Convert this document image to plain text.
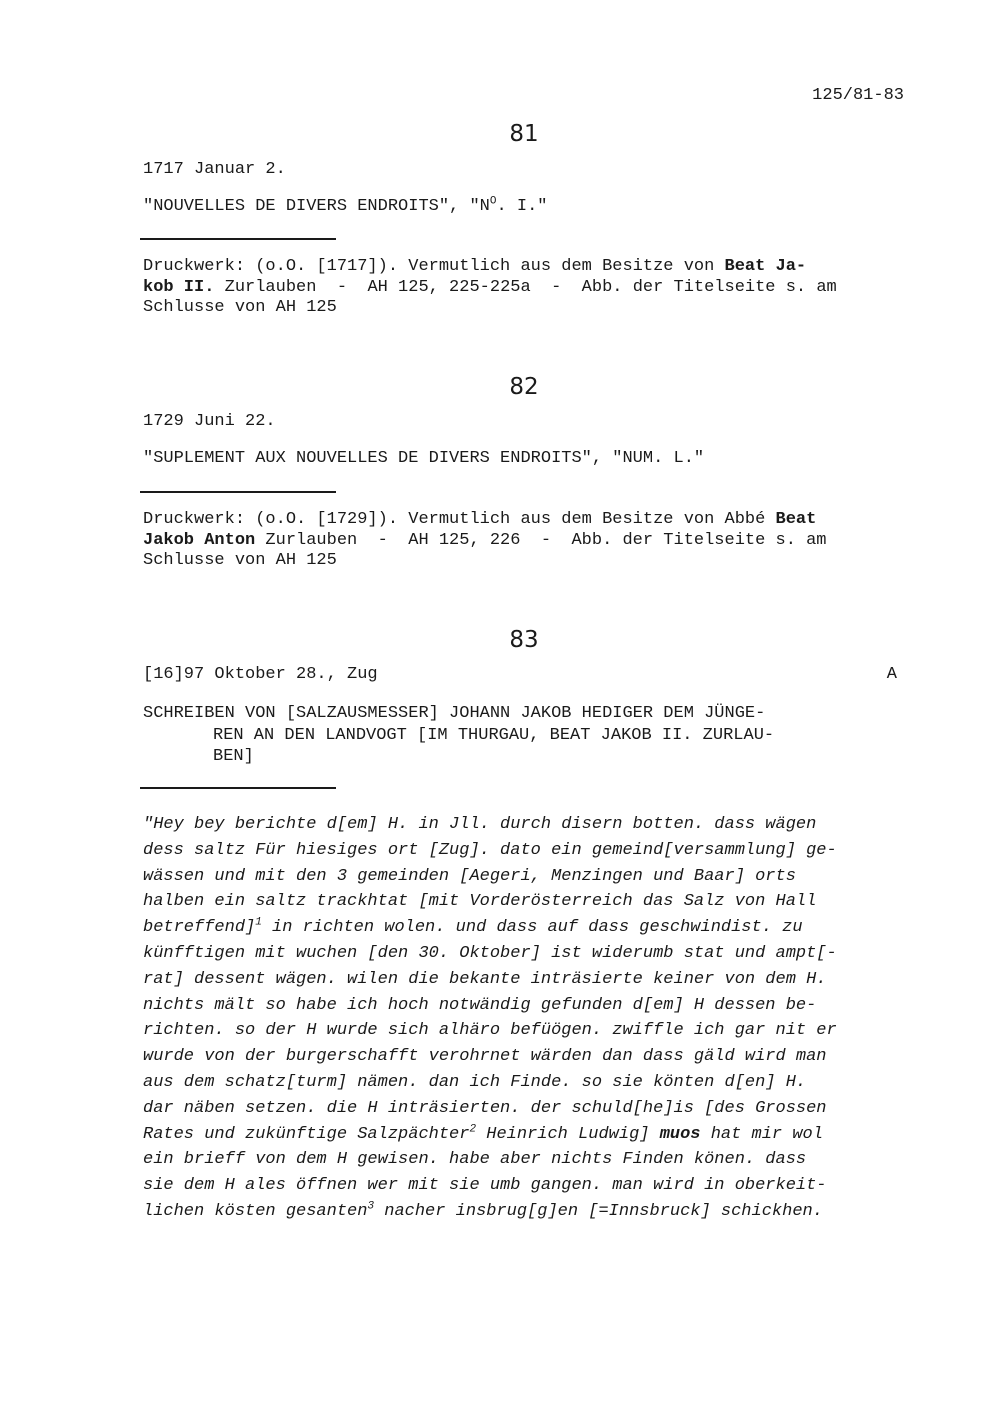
125/81-83
81
1717 Januar 2.
"NOUVELLES DE DIVERS ENDROITS", "$N^O$. I."
Druckwerk: (o.O. [1717]). Vermutlich aus dem Besitze von Beat Ja-
kob II. Zurlauben  -  AH 125, 225-225a  -  Abb. der Titelseite s. am
Schlusse von AH 125
82
1729 Juni 22.
"SUPLEMENT AUX NOUVELLES DE DIVERS ENDROITS", "NUM. L."
Druckwerk: (o.O. [1729]). Vermutlich aus dem Besitze von Abbé Beat
Jakob Anton Zurlauben  -  AH 125, 226  -  Abb. der Titelseite s. am
Schlusse von AH 125
83
[16]97 Oktober 28., Zug	A
SCHREIBEN VON [SALZAUSMESSER] JOHANN JAKOB HEDIGER DEM JÜNGE-
REN AN DEN LANDVOGT [IM THURGAU, BEAT JAKOB II. ZURLAU-
BEN]
"Hey bey berichte d[em] H. in Jll. durch disern botten. dass wägen
dess saltz Für hiesiges ort [Zug]. dato ein gemeind[versammlung] ge-
wässen und mit den 3 gemeinden [Aegeri, Menzingen und Baar] orts
halben ein saltz trackhtat [mit Vorderösterreich das Salz von Hall
betreffend]$^1$ in richten wolen. und dass auf dass geschwindist. zu
künfftigen mit wuchen [den 30. Oktober] ist widerumb stat und ampt[-
rat] dessent wägen. wilen die bekante inträsierte keiner von dem H.
nichts mält so habe ich hoch notwändig gefunden d[em] H dessen be-
richten. so der H wurde sich alhäro befüögen. zwiffle ich gar nit er
wurde von der burgerschafft verohrnet wärden dan dass gäld wird man
aus dem schatz[turm] nämen. dan ich Finde. so sie könten d[en] H.
dar näben setzen. die H inträsierten. der schuld[he]is [des Grossen
Rates und zukünftige Salzpächter$^2$ Heinrich Ludwig] muos hat mir wol
ein brieff von dem H gewisen. habe aber nichts Finden könen. dass
sie dem H ales öffnen wer mit sie umb gangen. man wird in oberkeit-
lichen kösten gesanten$^3$ nacher insbrug[g]en [=Innsbruck] schickhen.
